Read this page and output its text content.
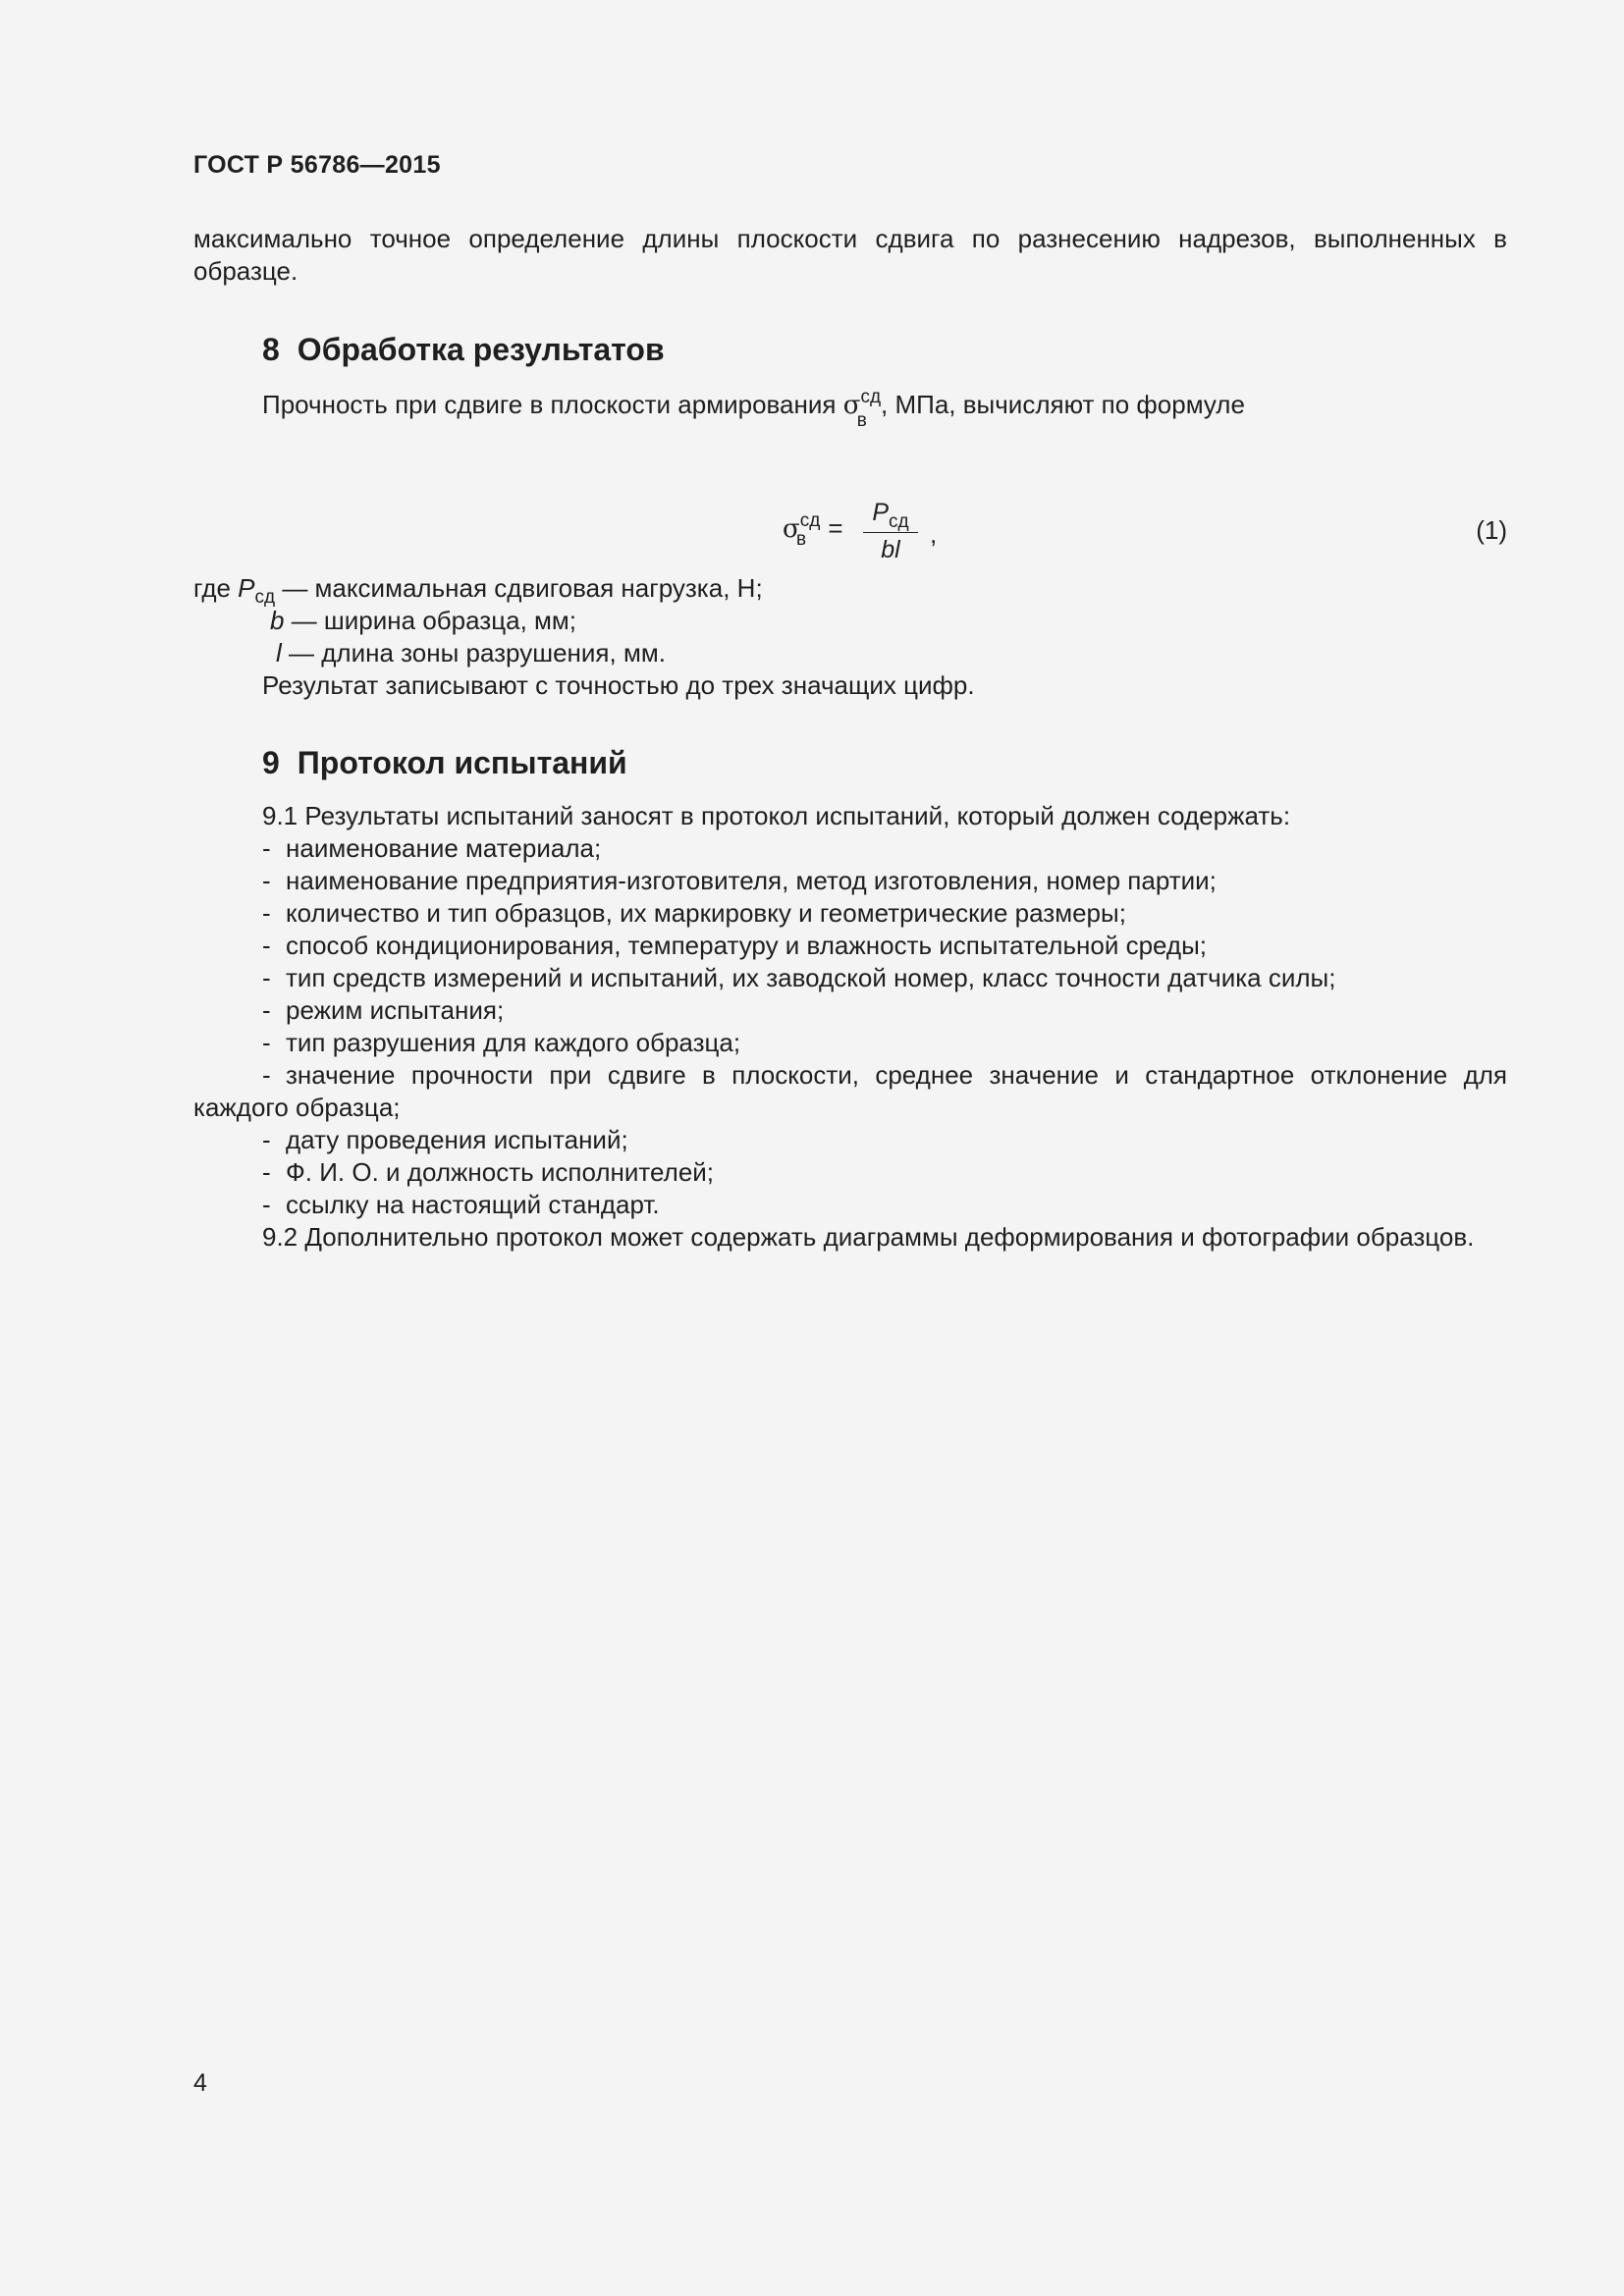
ГОСТ Р 56786—2015

максимально точное определение длины плоскости сдвига по разнесению надрезов, выполненных в образце.

8 Обработка результатов

Прочность при сдвиге в плоскости армирования $\sigma^{сд}$
в
, МПа, вычисляют по формуле

$\sigma^{сд}$
в =
$P_{сд}$
bl
,	(1)

где $P_{сд}$ — максимальная сдвиговая нагрузка, Н;

b — ширина образца, мм;

l — длина зоны разрушения, мм.

Результат записывают с точностью до трех значащих цифр.

9 Протокол испытаний

9.1 Результаты испытаний заносят в протокол испытаний, который должен содержать:

- наименование материала;

- наименование предприятия-изготовителя, метод изготовления, номер партии;

- количество и тип образцов, их маркировку и геометрические размеры;

- способ кондиционирования, температуру и влажность испытательной среды;

- тип средств измерений и испытаний, их заводской номер, класс точности датчика силы;

- режим испытания;

- тип разрушения для каждого образца;

- значение прочности при сдвиге в плоскости, среднее значение и стандартное отклонение для каждого образца;

- дату проведения испытаний;

- Ф. И. О. и должность исполнителей;

- ссылку на настоящий стандарт.

9.2 Дополнительно протокол может содержать диаграммы деформирования и фотографии образцов.

4
